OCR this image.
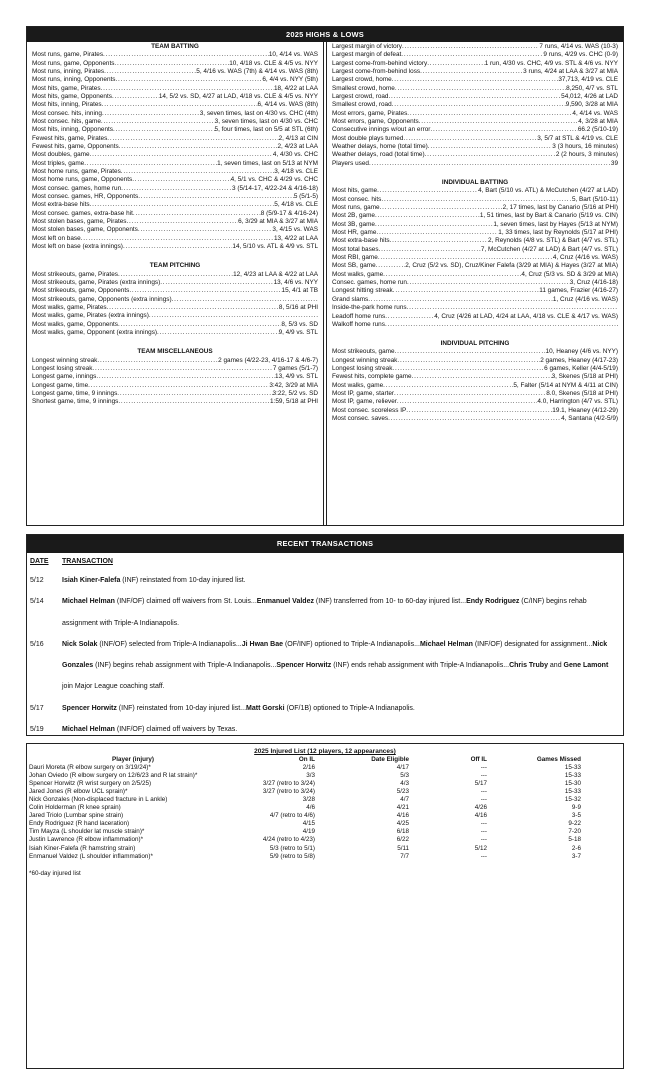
2025 HIGHS & LOWS
TEAM BATTING
Most runs, game, Pirates .....	10, 4/14 vs. WAS
Most runs, game, Opponents .....	10, 4/18 vs. CLE & 4/5 vs. NYY
Most runs, inning, Pirates .....	5, 4/16 vs. WAS (7th) & 4/14 vs. WAS (8th)
Most runs, inning, Opponents .....	6, 4/4 vs. NYY (5th)
Most hits, game, Pirates .....	18, 4/22 at LAA
Most hits, game, Opponents .....	14, 5/2 vs. SD, 4/27 at LAD, 4/18 vs. CLE & 4/5 vs. NYY
Most hits, inning, Pirates .....	6, 4/14 vs. WAS (8th)
Most consec. hits, inning .....	3, seven times, last on 4/30 vs. CHC (4th)
Most consec. hits, game .....	3, seven times, last on 4/30 vs. CHC
Most hits, inning, Opponents .....	5, four times, last on 5/5 at STL (6th)
Fewest hits, game, Pirates .....	2, 4/13 at CIN
Fewest hits, game, Opponents .....	2, 4/23 at LAA
Most doubles, game .....	4, 4/30 vs. CHC
Most triples, game .....	1, seven times, last on 5/13 at NYM
Most home runs, game, Pirates .....	3, 4/18 vs. CLE
Most home runs, game, Opponents .....	4, 5/1 vs. CHC & 4/29 vs. CHC
Most consec. games, home run .....	3 (5/14-17, 4/22-24 & 4/16-18)
Most consec. games, HR, Opponents .....	5 (5/1-5)
Most extra-base hits .....	5, 4/18 vs. CLE
Most consec. games, extra-base hit .....	8 (5/9-17 & 4/16-24)
Most stolen bases, game, Pirates .....	6, 3/29 at MIA & 3/27 at MIA
Most stolen bases, game, Opponents .....	3, 4/15 vs. WAS
Most left on base .....	13, 4/22 at LAA
Most left on base (extra innings) .....	14, 5/10 vs. ATL & 4/9 vs. STL
TEAM PITCHING
Most strikeouts, game, Pirates .....	12, 4/23 at LAA & 4/22 at LAA
Most strikeouts, game, Pirates (extra innings) .....	13, 4/6 vs. NYY
Most strikeouts, game, Opponents .....	15, 4/1 at TB
Most strikeouts, game, Opponents (extra innings)
.....
Most walks, game, Pirates .....	8, 5/16 at PHI
Most walks, game, Pirates (extra innings)
.....
Most walks, game, Opponents .....	8, 5/3 vs. SD
Most walks, game, Opponent (extra innings) .....	9, 4/9 vs. STL
TEAM MISCELLANEOUS
Longest winning streak .....	2 games (4/22-23, 4/16-17 & 4/6-7)
Longest losing streak .....	7 games (5/1-7)
Longest game, innings .....	13, 4/9 vs. STL
Longest game, time .....	3:42, 3/29 at MIA
Longest game, time, 9 innings .....	3:22, 5/2 vs. SD
Shortest game, time, 9 innings .....	1:59, 5/18 at PHI
Largest margin of victory .....	7 runs, 4/14 vs. WAS (10-3)
Largest margin of defeat .....	9 runs, 4/29 vs. CHC (0-9)
Largest come-from-behind victory .....	1 run, 4/30 vs. CHC, 4/9 vs. STL & 4/6 vs. NYY
Largest come-from-behind loss .....	3 runs, 4/24 at LAA & 3/27 at MIA
Largest crowd, home .....	37,713, 4/19 vs. CLE
Smallest crowd, home .....	8,250, 4/7 vs. STL
Largest crowd, road .....	54,012, 4/26 at LAD
Smallest crowd, road .....	9,590, 3/28 at MIA
Most errors, game, Pirates .....	4, 4/14 vs. WAS
Most errors, game, Opponents .....	4, 3/28 at MIA
Consecutive innings w/out an error .....	66.2 (5/10-19)
Most double plays turned .....	3, 5/7 at STL & 4/19 vs. CLE
Weather delays, home (total time) .....	3 (3 hours, 16 minutes)
Weather delays, road (total time) .....	2 (2 hours, 3 minutes)
Players used .....	39
INDIVIDUAL BATTING
Most hits, game .....	4, Bart (5/10 vs. ATL) & McCutchen (4/27 at LAD)
Most consec. hits .....	5, Bart (5/10-11)
Most runs, game .....	2, 17 times, last by Canario (5/16 at PHI)
Most 2B, game .....	1, 51 times, last by Bart & Canario (5/19 vs. CIN)
Most 3B, game .....	1, seven times, last by Hayes (5/13 at NYM)
Most HR, game .....	1, 33 times, last by Reynolds (5/17 at PHI)
Most extra-base hits .....	2, Reynolds (4/8 vs. STL) & Bart (4/7 vs. STL)
Most total bases .....	7, McCutchen (4/27 at LAD) & Bart (4/7 vs. STL)
Most RBI, game .....	4, Cruz (4/16 vs. WAS)
Most SB, game .....	2, Cruz (5/2 vs. SD), Cruz/Kiner Falefa (3/29 at MIA) & Hayes (3/27 at MIA)
Most walks, game .....	4, Cruz (5/3 vs. SD & 3/29 at MIA)
Consec. games, home run .....	3, Cruz (4/16-18)
Longest hitting streak .....	11 games, Frazier (4/16-27)
Grand slams .....	1, Cruz (4/16 vs. WAS)
Inside-the-park home runs
.....
Leadoff home runs .....	4, Cruz (4/26 at LAD, 4/24 at LAA, 4/18 vs. CLE & 4/17 vs. WAS)
Walkoff home runs
.....
INDIVIDUAL PITCHING
Most strikeouts, game .....	10, Heaney (4/6 vs. NYY)
Longest winning streak .....	2 games, Heaney (4/17-23)
Longest losing streak .....	6 games, Keller (4/4-5/19)
Fewest hits, complete game .....	3, Skenes (5/18 at PHI)
Most walks, game .....	5, Falter (5/14 at NYM & 4/11 at CIN)
Most IP, game, starter .....	8.0, Skenes (5/18 at PHI)
Most IP, game, reliever .....	4.0, Harrington (4/7 vs. STL)
Most consec. scoreless IP .....	19.1, Heaney (4/12-29)
Most consec. saves .....	4, Santana (4/2-5/9)
RECENT TRANSACTIONS
DATE	TRANSACTION
5/12	Isiah Kiner-Falefa (INF) reinstated from 10-day injured list.
5/14	Michael Helman (INF/OF) claimed off waivers from St. Louis...Enmanuel Valdez (INF) transferred from 10- to 60-day injured list...Endy Rodriguez (C/INF) begins rehab assignment with Triple-A Indianapolis.
5/16	Nick Solak (INF/OF) selected from Triple-A Indianapolis...Ji Hwan Bae (OF/INF) optioned to Triple-A Indianapolis...Michael Helman (INF/OF) designated for assignment...Nick Gonzales (INF) begins rehab assignment with Triple-A Indianapolis...Spencer Horwitz (INF) ends rehab assignment with Triple-A Indianapolis...Chris Truby and Gene Lamont join Major League coaching staff.
5/17	Spencer Horwitz (INF) reinstated from 10-day injured list...Matt Gorski (OF/1B) optioned to Triple-A Indianapolis.
5/19	Michael Helman (INF/OF) claimed off waivers by Texas.
2025 Injured List (12 players, 12 appearances)
Player (injury)	On IL	Date Eligible	Off IL	Games Missed
Dauri Moreta (R elbow surgery on 3/19/24)*	2/16	4/17	---	15-33
Johan Oviedo (R elbow surgery on 12/6/23 and R lat strain)*	3/3	5/3	---	15-33
Spencer Horwitz (R wrist surgery on 2/5/25)	3/27 (retro to 3/24)	4/3	5/17	15-30
Jared Jones (R elbow UCL sprain)*	3/27 (retro to 3/24)	5/23	---	15-33
Nick Gonzales (Non-displaced fracture in L ankle)	3/28	4/7	---	15-32
Colin Holderman (R knee sprain)	4/6	4/21	4/26	9-9
Jared Triolo (Lumbar spine strain)	4/7 (retro to 4/6)	4/16	4/16	3-5
Endy Rodriguez (R hand laceration)	4/15	4/25	---	9-22
Tim Mayza (L shoulder lat muscle strain)*	4/19	6/18	---	7-20
Justin Lawrence (R elbow inflammation)*	4/24 (retro to 4/23)	6/22	---	5-18
Isiah Kiner-Falefa (R hamstring strain)	5/3 (retro to 5/1)	5/11	5/12	2-6
Enmanuel Valdez (L shoulder inflammation)*	5/9 (retro to 5/8)	7/7	---	3-7
*60-day injured list
